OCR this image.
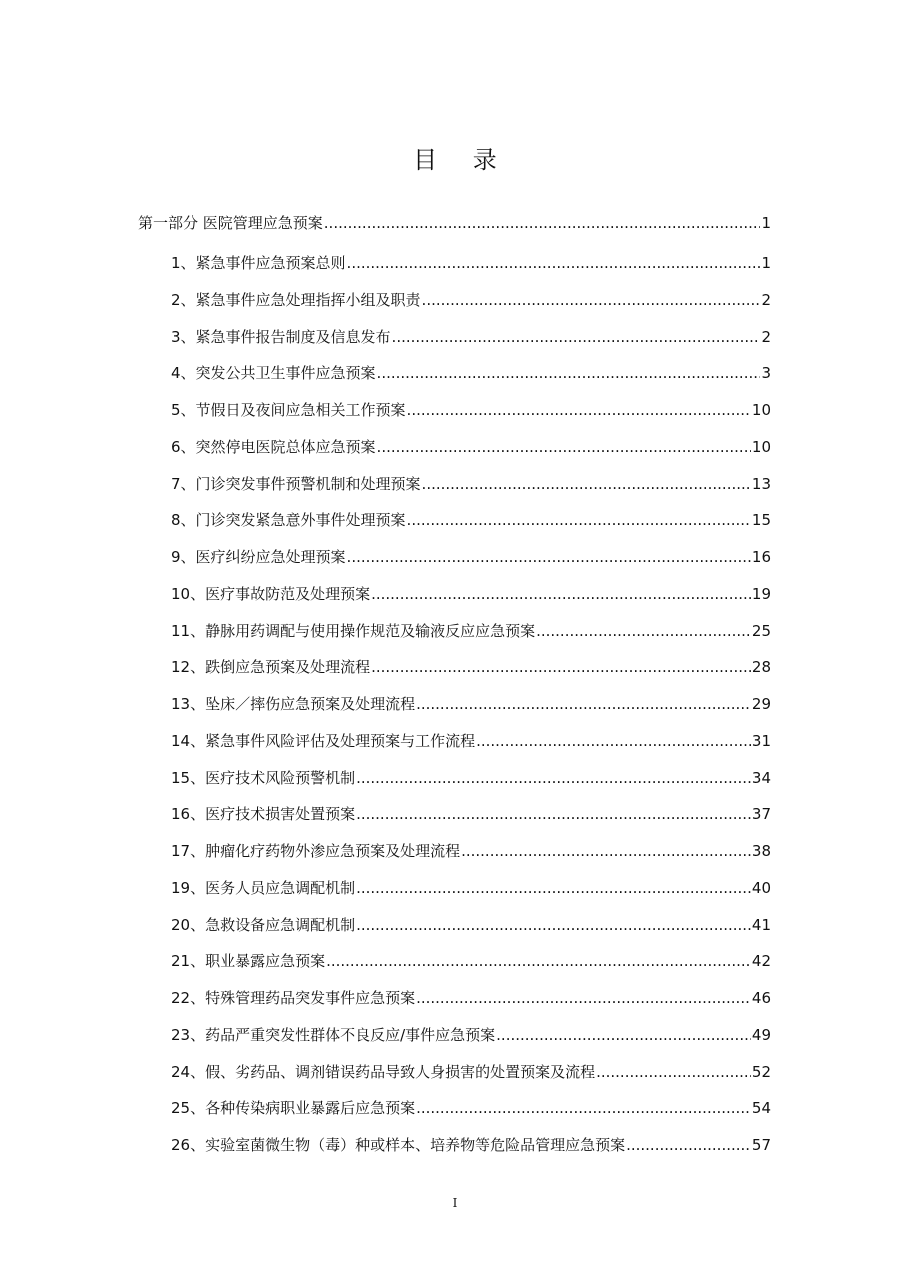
目 录
第一部分 医院管理应急预案 .....	1
1、紧急事件应急预案总则 .....	1
2、紧急事件应急处理指挥小组及职责 .....	2
3、紧急事件报告制度及信息发布 .....	2
4、突发公共卫生事件应急预案 .....	3
5、节假日及夜间应急相关工作预案 .....	10
6、突然停电医院总体应急预案 .....	10
7、门诊突发事件预警机制和处理预案 .....	13
8、门诊突发紧急意外事件处理预案 .....	15
9、医疗纠纷应急处理预案 .....	16
10、医疗事故防范及处理预案 .....	19
11、静脉用药调配与使用操作规范及输液反应应急预案 .....	25
12、跌倒应急预案及处理流程 .....	28
13、坠床／摔伤应急预案及处理流程 .....	29
14、紧急事件风险评估及处理预案与工作流程 .....	31
15、医疗技术风险预警机制 .....	34
16、医疗技术损害处置预案 .....	37
17、肿瘤化疗药物外渗应急预案及处理流程 .....	38
19、医务人员应急调配机制 .....	40
20、急救设备应急调配机制 .....	41
21、职业暴露应急预案 .....	42
22、特殊管理药品突发事件应急预案 .....	46
23、药品严重突发性群体不良反应/事件应急预案 .....	49
24、假、劣药品、调剂错误药品导致人身损害的处置预案及流程 .....	52
25、各种传染病职业暴露后应急预案 .....	54
26、实验室菌微生物（毒）种或样本、培养物等危险品管理应急预案 .....	57
I
